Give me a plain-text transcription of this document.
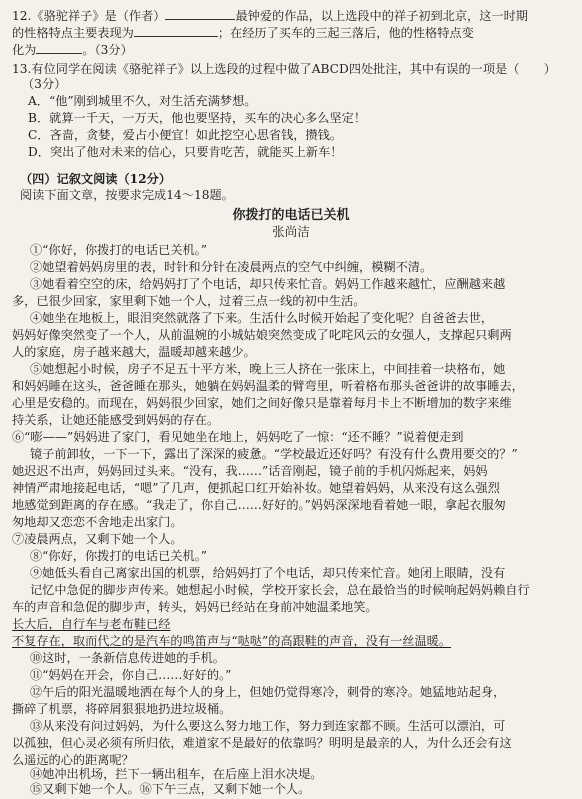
12.《骆驼祥子》是（作者）	最钟爱的作品，以上选段中的祥子初到北京，这一时期
的性格特点主要表现为	；在经历了买车的三起三落后，他的性格特点变
化为	。（3分）
13.有位同学在阅读《骆驼祥子》以上选段的过程中做了ABCD四处批注，其中有误的一项是（　　）
（3分）
A．“他”刚到城里不久，对生活充满梦想。
B．就算一千天，一万天，他也要坚持，买车的决心多么坚定！
C．吝啬，贪婪，爱占小便宜！如此挖空心思省钱，攒钱。
D．突出了他对未来的信心，只要肯吃苦，就能买上新车！
（四）记叙文阅读（12分）
阅读下面文章，按要求完成14～18题。
你拨打的电话已关机
张尚洁
①“你好，你拨打的电话已关机。”
②她望着妈妈房里的表，时针和分针在凌晨两点的空气中纠缠，模糊不清。
③她看着空空的床，给妈妈打了个电话，却只传来忙音。妈妈工作越来越忙，应酬越来越
多，已很少回家，家里剩下她一个人，过着三点一线的初中生活。
④她坐在地板上，眼泪突然就落了下来。生活什么时候开始起了变化呢？自爸爸去世，
妈妈好像突然变了一个人，从前温婉的小城姑娘突然变成了叱咤风云的女强人，支撑起只剩两
人的家庭，房子越来越大，温暖却越来越少。
⑤她想起小时候，房子不足五十平方米，晚上三人挤在一张床上，中间挂着一块格布，她
和妈妈睡在这头，爸爸睡在那头，她躺在妈妈温柔的臂弯里，听着格布那头爸爸讲的故事睡去，
心里是安稳的。而现在，妈妈很少回家，她们之间好像只是靠着每月卡上不断增加的数字来维
持关系，让她还能感受到妈妈的存在。
⑥“嘭——”妈妈进了家门，看见她坐在地上，妈妈吃了一惊：“还不睡？”说着便走到
镜子前卸妆，一下一下，露出了深深的疲惫。“学校最近还好吗？有没有什么费用要交的？”
她迟迟不出声，妈妈回过头来。“没有，我……”话音刚起，镜子前的手机闪烁起来，妈妈
神情严肃地接起电话，“嗯”了几声，便抓起口红开始补妆。她望着妈妈，从来没有这么强烈
地感觉到距离的存在感。“我走了，你自己……好好的。”妈妈深深地看着她一眼，拿起衣服匆
匆地却又恋恋不舍地走出家门。
⑦凌晨两点，又剩下她一个人。
⑧“你好，你拨打的电话已关机。”
⑨她低头看自己离家出国的机票，给妈妈打了个电话，却只传来忙音。她闭上眼睛，没有
记忆中急促的脚步声传来。她想起小时候，学校开家长会，总在最恰当的时候响起妈妈赖自行
车的声音和急促的脚步声，转头，妈妈已经站在身前冲她温柔地笑。
长大后，自行车与老布鞋已经
不复存在，取而代之的是汽车的鸣笛声与“哒哒”的高跟鞋的声音，没有一丝温暖。
⑩这时，一条新信息传进她的手机。
⑪“妈妈在开会，你自己……好好的。”
⑫午后的阳光温暖地洒在每个人的身上，但她仍觉得寒冷，刺骨的寒冷。她猛地站起身，
撕碎了机票，将碎屑狠狠地扔进垃圾桶。
⑬从来没有问过妈妈，为什么要这么努力地工作，努力到连家都不顾。生活可以漂泊，可
以孤独，但心灵必须有所归依，难道家不是最好的依靠吗？明明是最亲的人，为什么还会有这
么遥远的心的距离呢？
⑭她冲出机场，拦下一辆出租车，在后座上泪水决堤。
⑮又剩下她一个人。⑯下午三点，又剩下她一个人。
